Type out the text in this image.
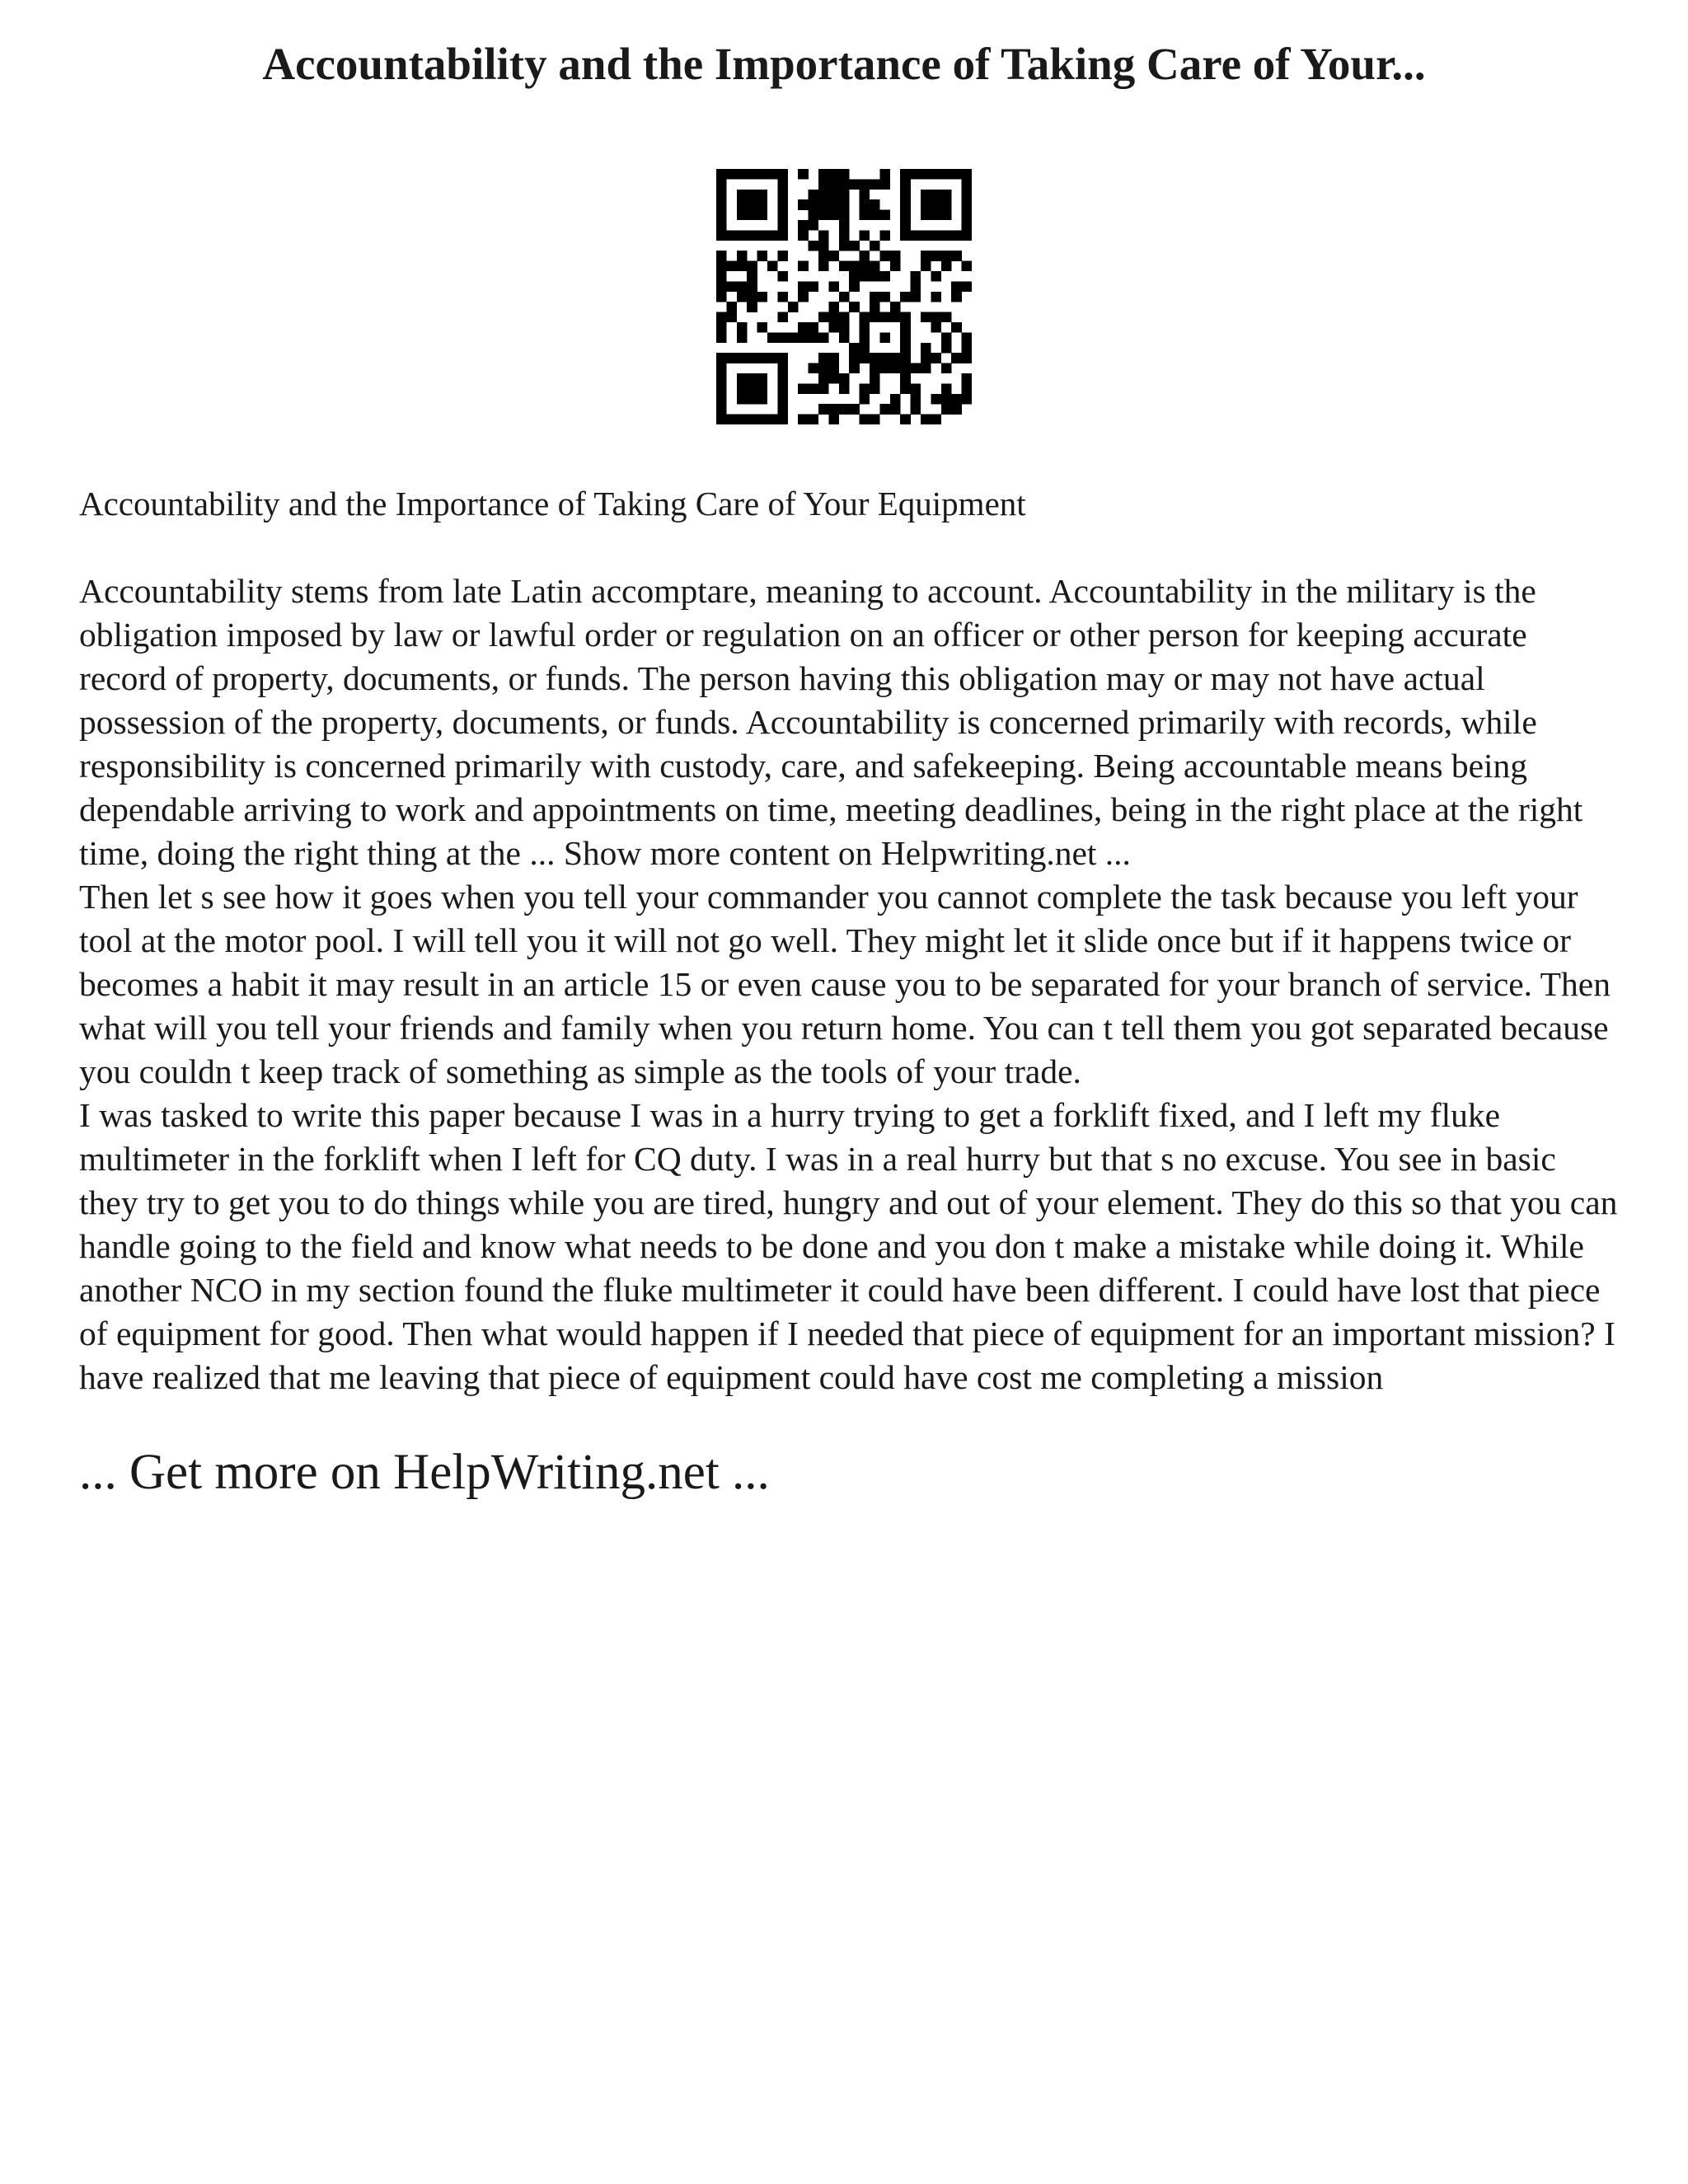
Accountability and the Importance of Taking Care of Your...

Accountability and the Importance of Taking Care of Your Equipment

Accountability stems from late Latin accomptare, meaning to account. Accountability in the military is the obligation imposed by law or lawful order or regulation on an officer or other person for keeping accurate record of property, documents, or funds. The person having this obligation may or may not have actual possession of the property, documents, or funds. Accountability is concerned primarily with records, while responsibility is concerned primarily with custody, care, and safekeeping. Being accountable means being dependable arriving to work and appointments on time, meeting deadlines, being in the right place at the right time, doing the right thing at the ... Show more content on Helpwriting.net ...

Then let s see how it goes when you tell your commander you cannot complete the task because you left your tool at the motor pool. I will tell you it will not go well. They might let it slide once but if it happens twice or becomes a habit it may result in an article 15 or even cause you to be separated for your branch of service. Then what will you tell your friends and family when you return home. You can t tell them you got separated because you couldn t keep track of something as simple as the tools of your trade.

I was tasked to write this paper because I was in a hurry trying to get a forklift fixed, and I left my fluke multimeter in the forklift when I left for CQ duty. I was in a real hurry but that s no excuse. You see in basic they try to get you to do things while you are tired, hungry and out of your element. They do this so that you can handle going to the field and know what needs to be done and you don t make a mistake while doing it. While another NCO in my section found the fluke multimeter it could have been different. I could have lost that piece of equipment for good. Then what would happen if I needed that piece of equipment for an important mission? I have realized that me leaving that piece of equipment could have cost me completing a mission

... Get more on HelpWriting.net ...
